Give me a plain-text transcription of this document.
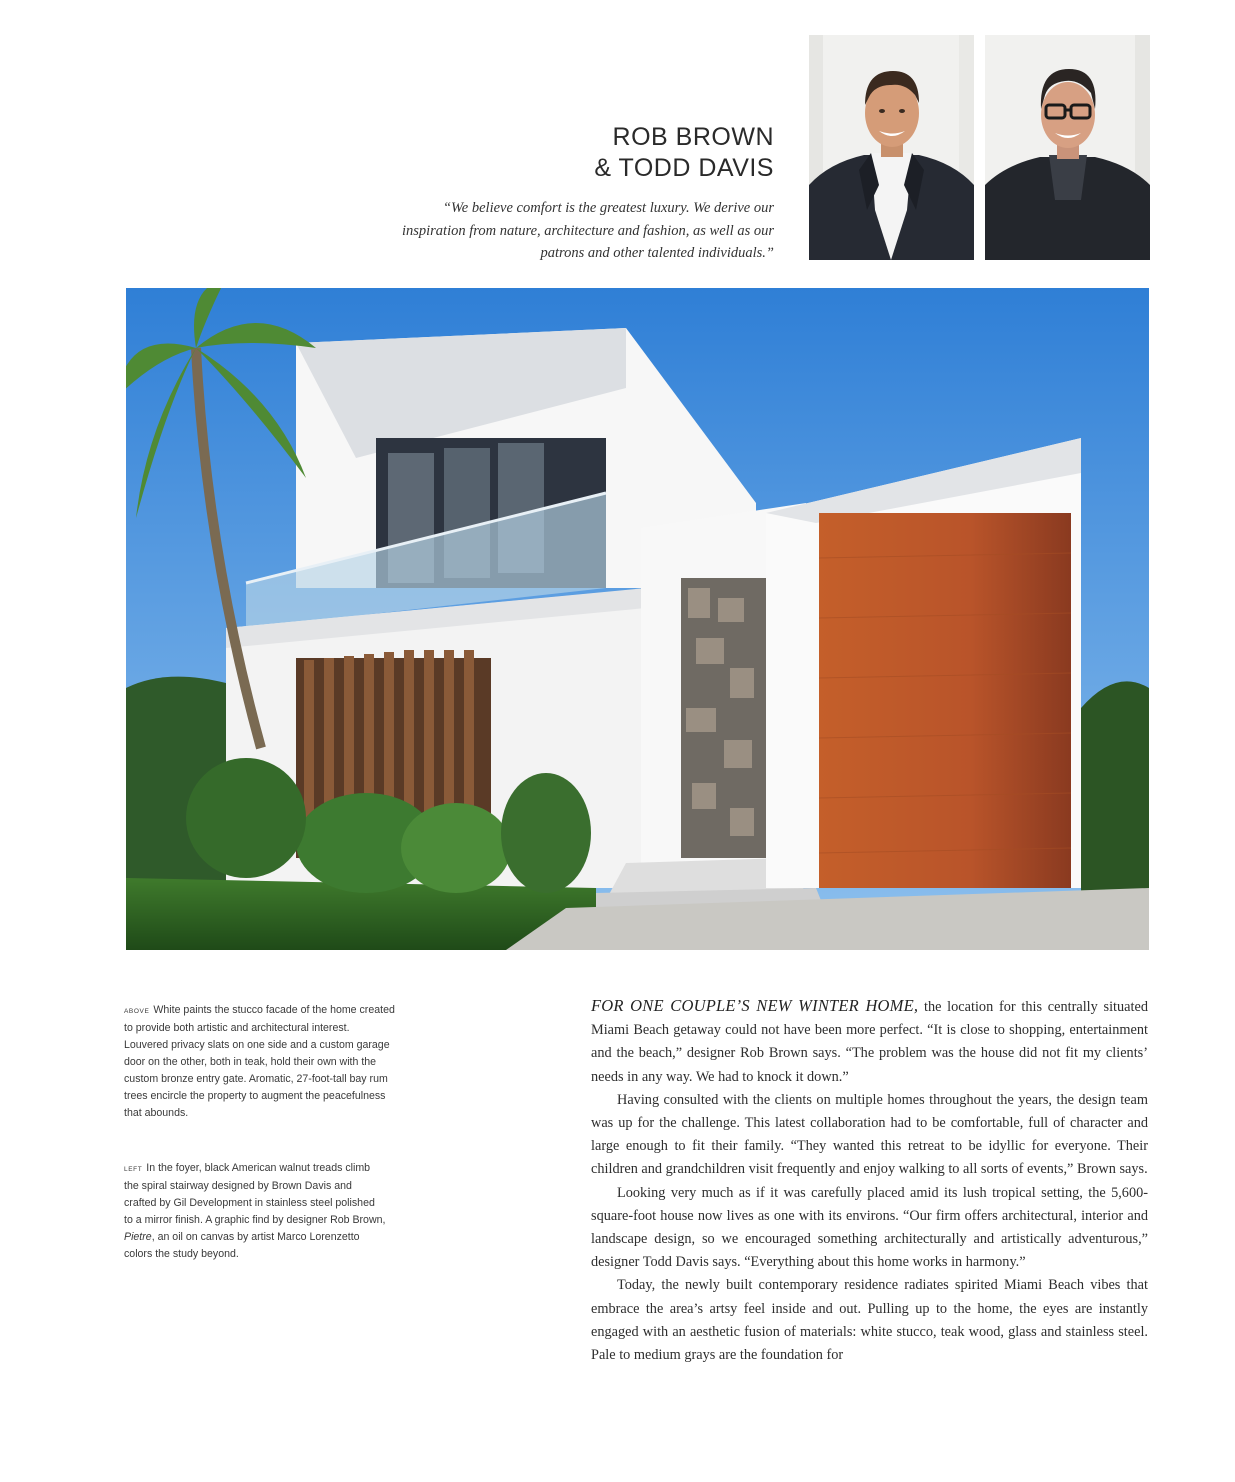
ROB BROWN
& TODD DAVIS
“We believe comfort is the greatest luxury. We derive our inspiration from nature, architecture and fashion, as well as our patrons and other talented individuals.”
ABOVE White paints the stucco facade of the home created to provide both artistic and architectural interest. Louvered privacy slats on one side and a custom garage door on the other, both in teak, hold their own with the custom bronze entry gate. Aromatic, 27-foot-tall bay rum trees encircle the property to augment the peacefulness that abounds.
LEFT In the foyer, black American walnut treads climb the spiral stairway designed by Brown Davis and crafted by Gil Development in stainless steel polished to a mirror finish. A graphic find by designer Rob Brown, Pietre, an oil on canvas by artist Marco Lorenzetto colors the study beyond.

FOR ONE COUPLE’S NEW WINTER HOME, the location for this centrally situated Miami Beach getaway could not have been more perfect. “It is close to shopping, entertainment and the beach,” designer Rob Brown says. “The problem was the house did not fit my clients’ needs in any way. We had to knock it down.”

Having consulted with the clients on multiple homes throughout the years, the design team was up for the challenge. This latest collaboration had to be comfortable, full of character and large enough to fit their family. “They wanted this retreat to be idyllic for everyone. Their children and grandchildren visit frequently and enjoy walking to all sorts of events,” Brown says.

Looking very much as if it was carefully placed amid its lush tropical setting, the 5,600-square-foot house now lives as one with its environs. “Our firm offers architectural, interior and landscape design, so we encouraged something architecturally and artistically adventurous,” designer Todd Davis says. “Everything about this home works in harmony.”

Today, the newly built contemporary residence radiates spirited Miami Beach vibes that embrace the area’s artsy feel inside and out. Pulling up to the home, the eyes are instantly engaged with an aesthetic fusion of materials: white stucco, teak wood, glass and stainless steel. Pale to medium grays are the foundation for
